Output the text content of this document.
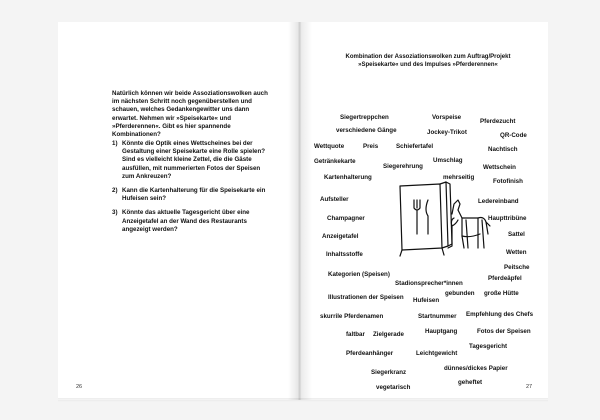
Natürlich können wir beide Assoziationswolken auch im nächsten Schritt noch gegenüberstellen und schauen, welches Gedankengewitter uns dann erwartet. Nehmen wir »Speisekarte« und »Pferderennen«. Gibt es hier spannende Kombinationen?

1) Könnte die Optik eines Wettscheines bei der Gestaltung einer Speisekarte eine Rolle spielen? Sind es vielleicht kleine Zettel, die die Gäste ausfüllen, mit nummerierten Fotos der Speisen zum Ankreuzen?
2) Kann die Kartenhalterung für die Speisekarte ein Hufeisen sein?
3) Könnte das aktuelle Tagesgericht über eine Anzeigetafel an der Wand des Restaurants angezeigt werden?
26
Kombination der Assoziationswolken zum Auftrag/Projekt
»Speisekarte« und des Impulses »Pferderennen«
Siegertreppchen	Vorspeise
Pferdezucht
verschiedene Gänge	Jockey-Trikot	QR-Code
Wettquote	Preis	Schiefertafel	Nachtisch
Umschlag
Getränkekarte
Siegerehrung	Wettschein
Kartenhalterung	mehrseitig
Fotofinish
Aufsteller	Ledereinband
Champagner	Haupttribüne
Anzeigetafel	Sattel
Inhaltsstoffe	Wetten
Peitsche
Kategorien (Speisen)
Pferdeäpfel
Stadionsprecher*innen
gebunden große Hütte
Illustrationen der Speisen Hufeisen
skurrile Pferdenamen	Startnummer Empfehlung des Chefs
faltbar Zielgerade	Hauptgang	Fotos der Speisen
Pferdeanhänger	Leichtgewicht
Tagesgericht
Siegerkranz
dünnes/dickes Papier
vegetarisch
geheftet
27
